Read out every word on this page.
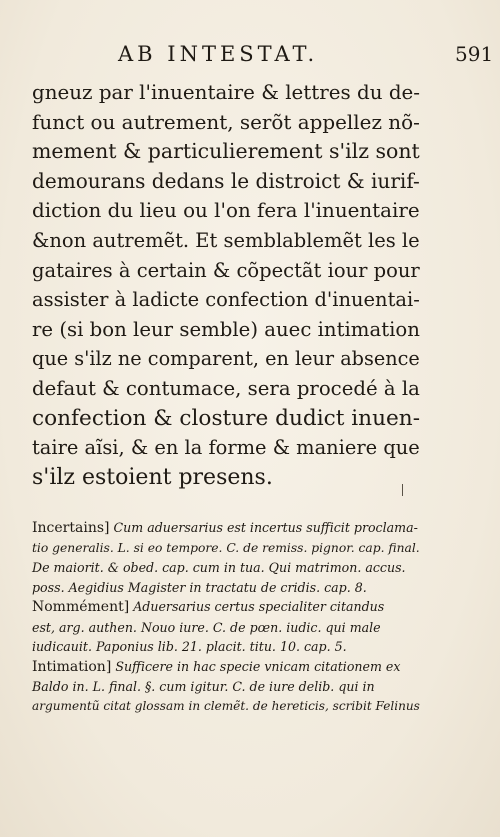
AB INTESTAT.	591
gneuz par l'inuentaire & lettres du de-
funct ou autrement, serõt appellez nõ-
mement & particulierement s'ilz sont
demourans dedans le distroict & iurif-
diction du lieu ou l'on fera l'inuentaire
&non autremẽt. Et semblablemẽt les le
gataires à certain & cõpectãt iour pour
assister à ladicte confection d'inuentai-
re (si bon leur semble) auec intimation
que s'ilz ne comparent, en leur absence
defaut & contumace, sera procedé à la
confection & closture dudict inuen-
taire aĩsi, & en la forme & maniere que
s'ilz estoient presens.
Incertains] Cum aduersarius est incertus sufficit proclama-
tio generalis. L. si eo tempore. C. de remiss. pignor. cap. final.
De maiorit. & obed. cap. cum in tua. Qui matrimon. accus.
poss. Aegidius Magister in tractatu de cridis. cap. 8.
Nommément] Aduersarius certus specialiter citandus
est, arg. authen. Nouo iure. C. de pœn. iudic. qui male
iudicauit. Paponius lib. 21. placit. titu. 10. cap. 5.
Intimation] Sufficere in hac specie vnicam citationem ex
Baldo in. L. final. §. cum igitur. C. de iure delib. qui in
argumentũ citat glossam in clemẽt. de hereticis, scribit Felinus
